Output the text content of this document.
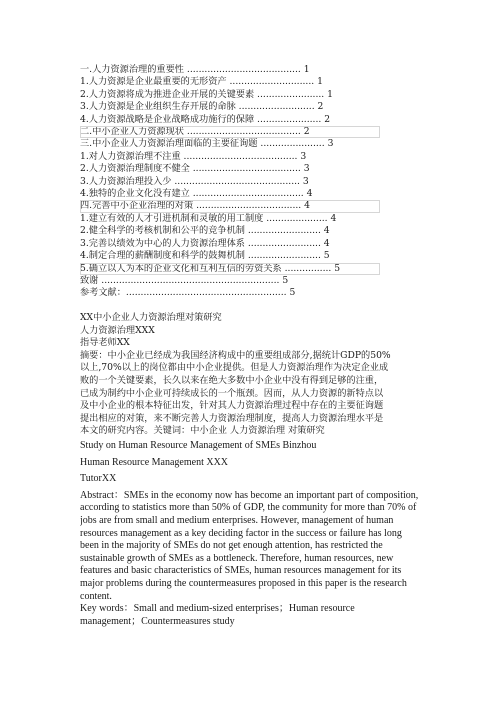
一.人力资源治理的重要性 ....................................... 1
1.人力资源是企业最重要的无形资产 ............................. 1
2.人力资源将成为推进企业开展的关键要素 ....................... 1
3.人力资源是企业组织生存开展的命脉 .......................... 2
4.人力资源战略是企业战略成功施行的保障 ...................... 2
二.中小企业人力资源现状 ....................................... 2
三.中小企业人力资源治理面临的主要征询题 ...................... 3
1.对人力资源治理不注重 ....................................... 3
2.人力资源治理制度不健全 ..................................... 3
3.人力资源治理投入少 ........................................... 3
4.独特的企业文化没有建立 ...................................... 4
四.完善中小企业治理的对策 .................................... 4
1.建立有效的人才引进机制和灵敏的用工制度 ..................... 4
2.健全科学的考核机制和公平的竞争机制 ......................... 4
3.完善以绩效为中心的人力资源治理体系 ......................... 4
4.制定合理的薪酬制度和科学的鼓舞机制 ......................... 5
5.确立以人为本的企业文化和互利互信的劳资关系 ................ 5
致谢 ............................................................. 5
参考文献：....................................................... 5
XX中小企业人力资源治理对策研究
人力资源治理XXX
指导老师XX
摘要：中小企业已经成为我国经济构成中的重要组成部分,据统计GDP的50%
以上,70%以上的岗位都由中小企业提供。但是人力资源治理作为决定企业成
败的一个关键要素，长久以来在绝大多数中小企业中没有得到足够的注重，
已成为制约中小企业可持续成长的一个瓶颈。因而，从人力资源的新特点以
及中小企业的根本特征出发，针对其人力资源治理过程中存在的主要征询题
提出相应的对策，来不断完善人力资源治理制度，提高人力资源治理水平是
本文的研究内容。关键词：中小企业 人力资源治理 对策研究
Study on Human Resource Management of SMEs Binzhou
Human Resource Management XXX
TutorXX
Abstract：SMEs in the economy now has become an important part of composition,
according to statistics more than 50% of GDP, the community for more than 70% of
jobs are from small and medium enterprises. However, management of human
resources management as a key deciding factor in the success or failure has long
been in the majority of SMEs do not get enough attention, has restricted the
sustainable growth of SMEs as a bottleneck. Therefore, human resources, new
features and basic characteristics of SMEs, human resources management for its
major problems during the countermeasures proposed in this paper is the research
content.
Key words：Small and medium-sized enterprises；Human resource
management；Countermeasures study
